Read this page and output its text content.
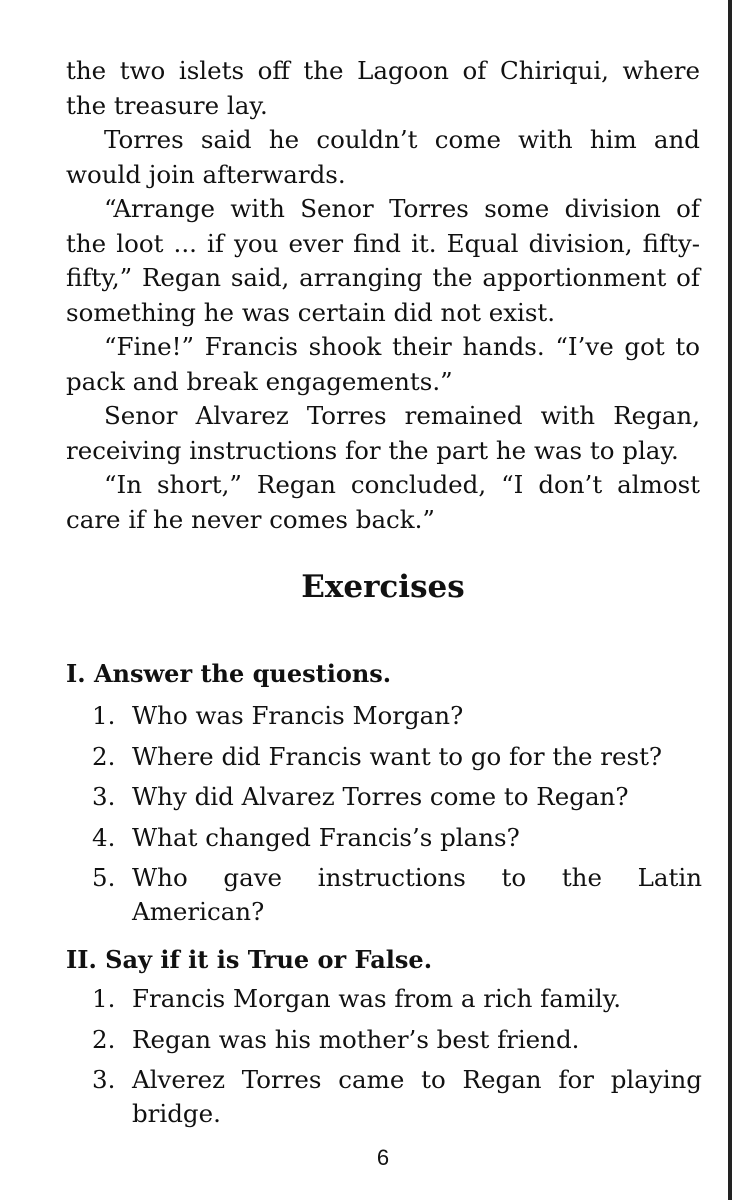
the two islets off the Lagoon of Chiriqui, where the treasure lay.

Torres said he couldn’t come with him and would join afterwards.

“Arrange with Senor Torres some division of the loot ... if you ever find it. Equal division, fifty-fifty,” Regan said, arranging the apportionment of something he was certain did not exist.

“Fine!” Francis shook their hands. “I’ve got to pack and break engagements.”

Senor Alvarez Torres remained with Regan, receiving instructions for the part he was to play.

“In short,” Regan concluded, “I don’t almost care if he never comes back.”

Exercises
I. Answer the questions.
1. Who was Francis Morgan?
2. Where did Francis want to go for the rest?
3. Why did Alvarez Torres come to Regan?
4. What changed Francis’s plans?
5. Who gave instructions to the Latin American?
II. Say if it is True or False.
1. Francis Morgan was from a rich family.
2. Regan was his mother’s best friend.
3. Alverez Torres came to Regan for playing bridge.
6
